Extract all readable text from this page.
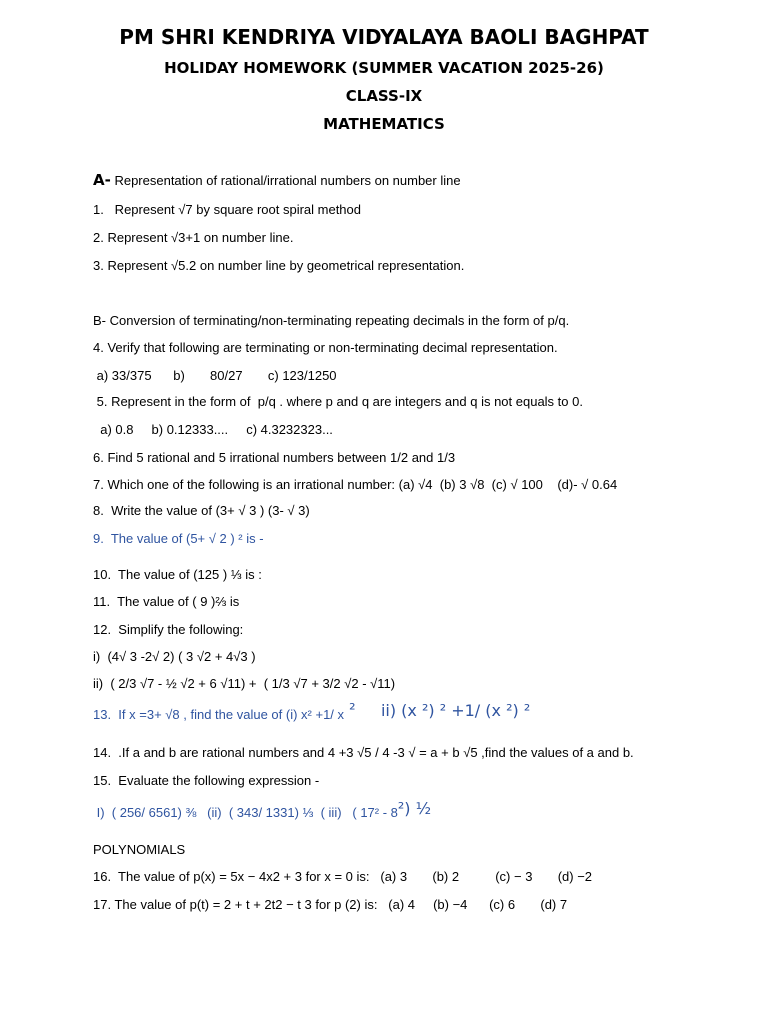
PM SHRI KENDRIYA VIDYALAYA BAOLI BAGHPAT
HOLIDAY HOMEWORK (SUMMER VACATION 2025-26)
CLASS-IX
MATHEMATICS
A- Representation of rational/irrational numbers on number line
1.   Represent √7 by square root spiral method
2. Represent √3+1 on number line.
3. Represent √5.2 on number line by geometrical representation.
B- Conversion of terminating/non-terminating repeating decimals in the form of p/q.
4. Verify that following are terminating or non-terminating decimal representation.
a) 33/375      b)       80/27       c) 123/1250
5. Represent in the form of  p/q . where p and q are integers and q is not equals to 0.
a) 0.8     b) 0.12333....     c) 4.3232323...
6. Find 5 rational and 5 irrational numbers between 1/2 and 1/3
7. Which one of the following is an irrational number: (a) √4  (b) 3 √8  (c) √ 100    (d)- √ 0.64
8.  Write the value of (3+ √ 3 ) (3- √ 3)
9.  The value of (5+ √ 2 ) ² is -
10.  The value of (125 ) ⅓ is :
11.  The value of ( 9 )⅔ is
12.  Simplify the following:
i)  (4√ 3 -2√ 2) ( 3 √2 + 4√3 )
ii)  ( 2/3 √7 - ½ √2 + 6 √11) +  ( 1/3 √7 + 3/2 √2 - √11)
13.  If x =3+ √8 , find the value of (i) x² +1/ x ²     ii) (x ²) ² +1/ (x ²) ²
14.  .If a and b are rational numbers and 4 +3 √5 / 4 -3 √ = a + b √5 ,find the values of a and b.
15.  Evaluate the following expression -
I)  ( 256/ 6561) ⅜   (ii)  ( 343/ 1331) ⅓  ( iii)   ( 17² - 8²) ½
POLYNOMIALS
16.  The value of p(x) = 5x − 4x2 + 3 for x = 0 is:   (a) 3       (b) 2          (c) − 3       (d) −2
17. The value of p(t) = 2 + t + 2t2 − t 3 for p (2) is:   (a) 4     (b) −4      (c) 6       (d) 7
